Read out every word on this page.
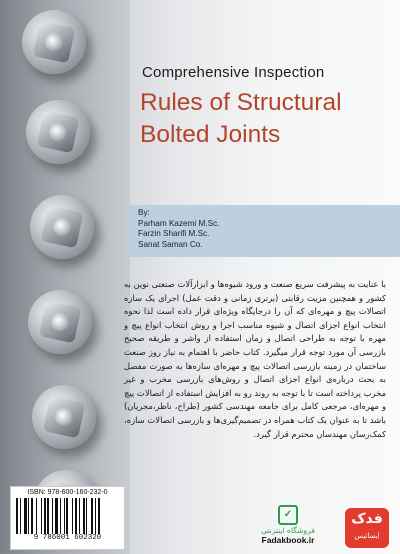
Comprehensive Inspection
Rules of Structural
Bolted Joints
By:
Parham Kazemi M.Sc.
Farzin Sharifi M.Sc.
Sanat Saman Co.
با عنایت به پیشرفت سریع صنعت و ورود شیوه‌ها و ابزارآلات صنعتی نوین به کشور و همچنین مزیت رقابتی (برتری زمانی و دقت عمل) اجرای یک سازه اتصالات پیچ و مهره‌ای که آن را درجایگاه ویژه‌ای قرار داده است لذا نحوه انتخاب انواع اجزای اتصال و شیوه مناسب اجرا و روش انتخاب انواع پیچ و مهره با توجه به طراحی اتصال و زمان استفاده از واشر و طریقه صحیح بازرسی آن مورد توجه قرار میگیرد. کتاب حاضر با اهتمام به نیاز روز صنعت ساختمان در زمینه بازرسی اتصالات پیچ و مهره‌ای سازه‌ها به صورت مفصل به بحث درباره‌ی انواع اجزای اتصال و روش‌های بازرسی مخرب و غیر مخرب پرداخته است تا با توجه به روند رو به افزایش استفاده از اتصالات پیچ و مهره‌ای، مرجعی کامل برای جامعه مهندسی کشور (طراح، ناظر،مجریان) باشد تا به عنوان یک کتاب همراه در تصمیم‌گیری‌ها و بازرسی اتصالات سازه، کمک‌رسان مهندسان محترم قرار گیرد.
ISBN: 978-600-160-232-0
9 786001 602320
✓
فروشگاه اینترنتی
Fadakbook.ir
فدک
ایساتیس
